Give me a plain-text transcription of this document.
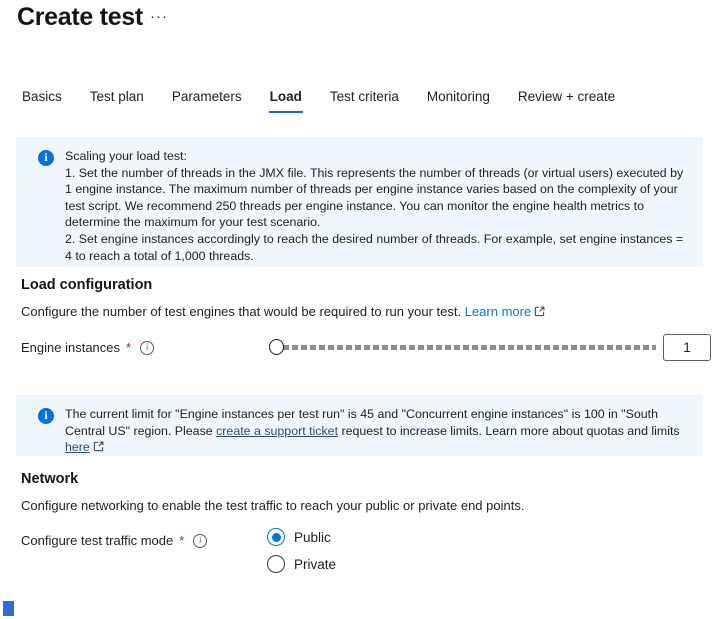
Create test ···
Basics Test plan Parameters Load Test criteria Monitoring Review + create
i	Scaling your load test:
1. Set the number of threads in the JMX file. This represents the number of threads (or virtual users) executed by 1 engine instance. The maximum number of threads per engine instance varies based on the complexity of your test script. We recommend 250 threads per engine instance. You can monitor the engine health metrics to determine the maximum for your test scenario.
2. Set engine instances accordingly to reach the desired number of threads. For example, set engine instances = 4 to reach a total of 1,000 threads.
Load configuration
Configure the number of test engines that would be required to run your test. Learn more
Engine instances *	i
1
i	The current limit for "Engine instances per test run" is 45 and "Concurrent engine instances" is 100 in "South Central US" region. Please create a support ticket request to increase limits. Learn more about quotas and limits here
Network
Configure networking to enable the test traffic to reach your public or private end points.
Configure test traffic mode *	i	Public
Private
